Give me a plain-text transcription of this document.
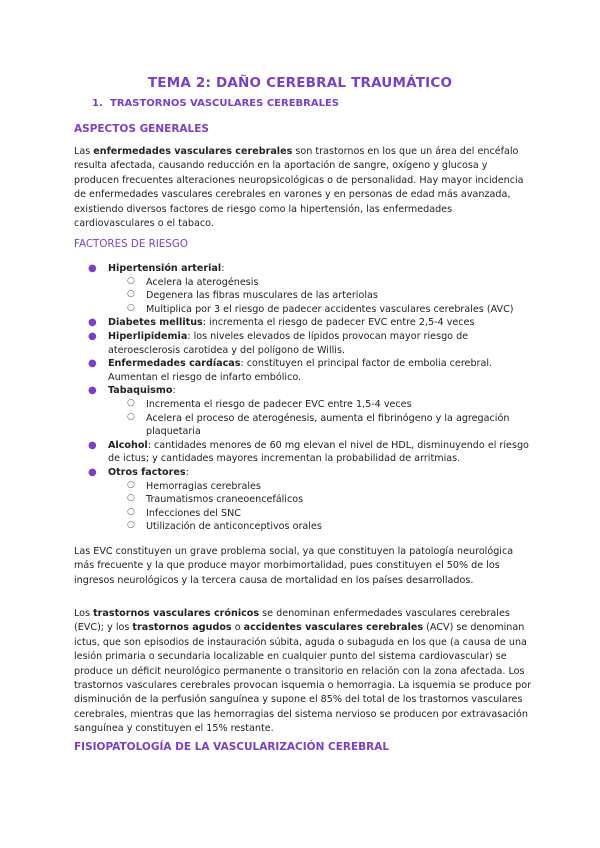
TEMA 2: DAÑO CEREBRAL TRAUMÁTICO
1. TRASTORNOS VASCULARES CEREBRALES
ASPECTOS GENERALES

Las enfermedades vasculares cerebrales son trastornos en los que un área del encéfalo resulta afectada, causando reducción en la aportación de sangre, oxígeno y glucosa y producen frecuentes alteraciones neuropsicológicas o de personalidad. Hay mayor incidencia de enfermedades vasculares cerebrales en varones y en personas de edad más avanzada, existiendo diversos factores de riesgo como la hipertensión, las enfermedades cardiovasculares o el tabaco.

FACTORES DE RIESGO
● Hipertensión arterial:
○ Acelera la aterogénesis
○ Degenera las fibras musculares de las arteriolas
○ Multiplica por 3 el riesgo de padecer accidentes vasculares cerebrales (AVC)
● Diabetes mellitus: incrementa el riesgo de padecer EVC entre 2,5-4 veces
● Hiperlipidemia: los niveles elevados de lípidos provocan mayor riesgo de ateroesclerosis carotidea y del polígono de Willis.
● Enfermedades cardíacas: constituyen el principal factor de embolia cerebral. Aumentan el riesgo de infarto embólico.
● Tabaquismo:
○ Incrementa el riesgo de padecer EVC entre 1,5-4 veces
○ Acelera el proceso de aterogénesis, aumenta el fibrinógeno y la agregación plaquetaria
● Alcohol: cantidades menores de 60 mg elevan el nivel de HDL, disminuyendo el riesgo de ictus; y cantidades mayores incrementan la probabilidad de arritmias.
● Otros factores:
○ Hemorragias cerebrales
○ Traumatismos craneoencefálicos
○ Infecciones del SNC
○ Utilización de anticonceptivos orales

Las EVC constituyen un grave problema social, ya que constituyen la patología neurológica más frecuente y la que produce mayor morbimortalidad, pues constituyen el 50% de los ingresos neurológicos y la tercera causa de mortalidad en los países desarrollados.

Los trastornos vasculares crónicos se denominan enfermedades vasculares cerebrales (EVC); y los trastornos agudos o accidentes vasculares cerebrales (ACV) se denominan ictus, que son episodios de instauración súbita, aguda o subaguda en los que (a causa de una lesión primaria o secundaria localizable en cualquier punto del sistema cardiovascular) se produce un déficit neurológico permanente o transitorio en relación con la zona afectada. Los trastornos vasculares cerebrales provocan isquemia o hemorragia. La isquemia se produce por disminución de la perfusión sanguínea y supone el 85% del total de los trastornos vasculares cerebrales, mientras que las hemorragias del sistema nervioso se producen por extravasación sanguínea y constituyen el 15% restante.

FISIOPATOLOGÍA DE LA VASCULARIZACIÓN CEREBRAL
